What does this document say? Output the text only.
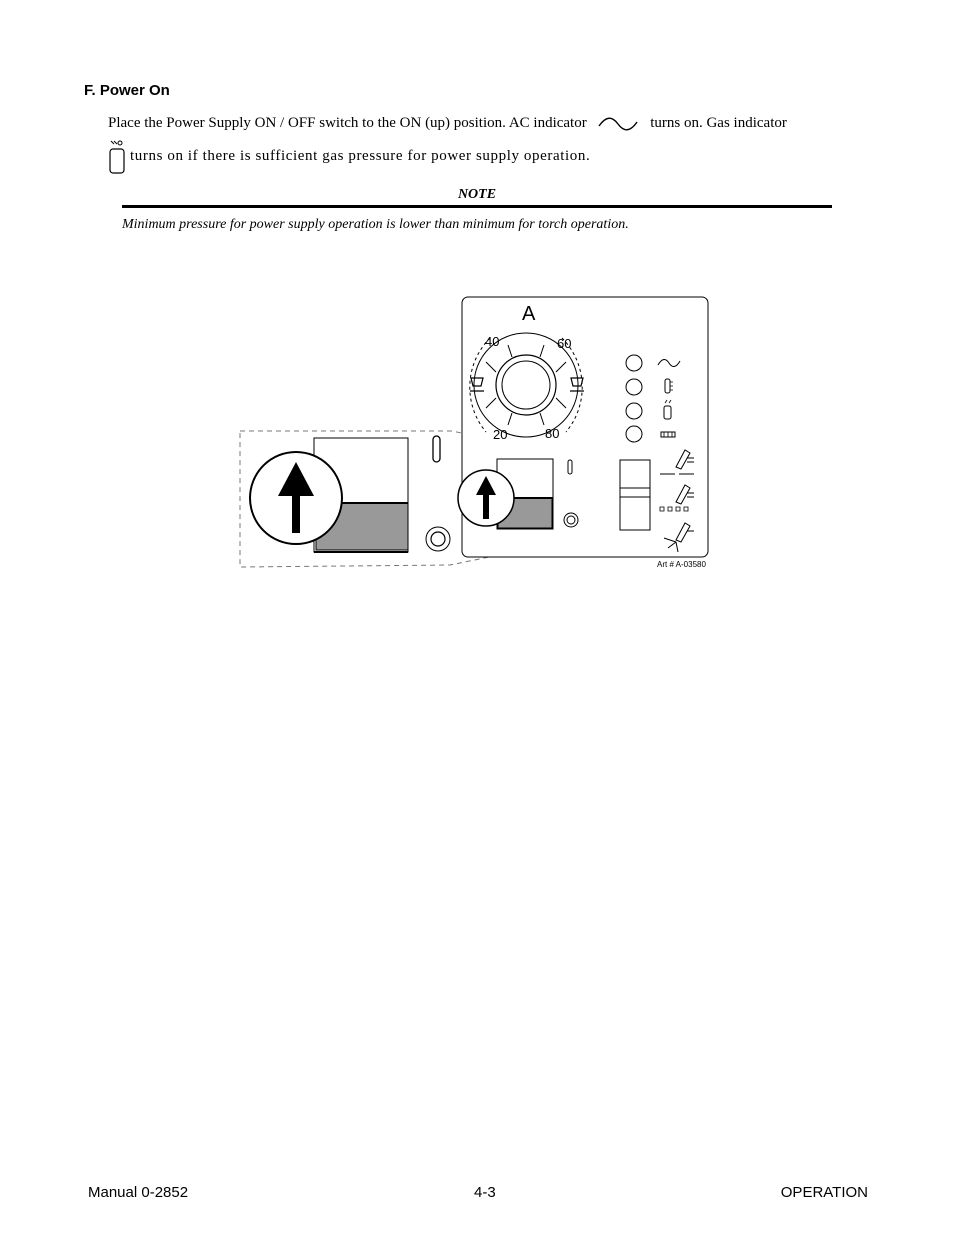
F. Power On
Place the Power Supply ON / OFF switch to the ON (up) position. AC indicator	turns on. Gas indicator
turns on if there is sufficient gas pressure for power supply operation.
NOTE
Minimum pressure for power supply operation is lower than minimum for torch operation.
A
40	60
20	80
Art # A-03580
Manual 0-2852	4-3	OPERATION
